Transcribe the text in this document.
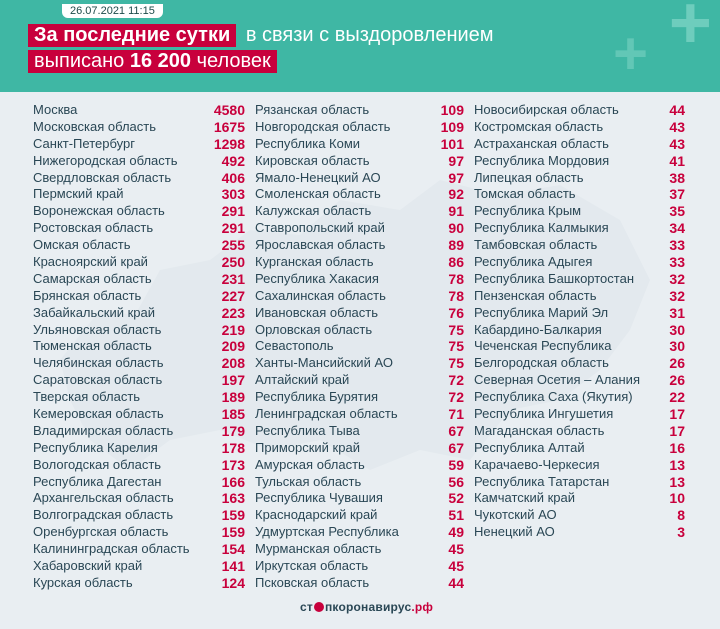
+
+
26.07.2021 11:15
За последние сутки в связи с выздоровлением
выписано 16 200 человек
Москва	4580
Московская область	1675
Санкт-Петербург	1298
Нижегородская область	492
Свердловская область	406
Пермский край	303
Воронежская область	291
Ростовская область	291
Омская область	255
Красноярский край	250
Самарская область	231
Брянская область	227
Забайкальский край	223
Ульяновская область	219
Тюменская область	209
Челябинская область	208
Саратовская область	197
Тверская область	189
Кемеровская область	185
Владимирская область	179
Республика Карелия	178
Вологодская область	173
Республика Дагестан	166
Архангельская область	163
Волгоградская область	159
Оренбургская область	159
Калининградская область 154
Хабаровский край	141
Курская область	124
Рязанская область	109
Новгородская область	109
Республика Коми	101
Кировская область	97
Ямало-Ненецкий АО	97
Смоленская область	92
Калужская область	91
Ставропольский край	90
Ярославская область	89
Курганская область	86
Республика Хакасия	78
Сахалинская область	78
Ивановская область	76
Орловская область	75
Севастополь	75
Ханты-Мансийский АО	75
Алтайский край	72
Республика Бурятия	72
Ленинградская область	71
Республика Тыва	67
Приморский край	67
Амурская область	59
Тульская область	56
Республика Чувашия	52
Краснодарский край	51
Удмуртская Республика	49
Мурманская область	45
Иркутская область	45
Псковская область	44
Новосибирская область	44
Костромская область	43
Астраханская область	43
Республика Мордовия	41
Липецкая область	38
Томская область	37
Республика Крым	35
Республика Калмыкия	34
Тамбовская область	33
Республика Адыгея	33
Республика Башкортостан	32
Пензенская область	32
Республика Марий Эл	31
Кабардино-Балкария	30
Чеченская Республика	30
Белгородская область	26
Северная Осетия – Алания 26
Республика Саха (Якутия)	22
Республика Ингушетия	17
Магаданская область	17
Республика Алтай	16
Карачаево-Черкесия	13
Республика Татарстан	13
Камчатский край	10
Чукотский АО	8
Ненецкий АО	3
ст пкоронавирус.рф
